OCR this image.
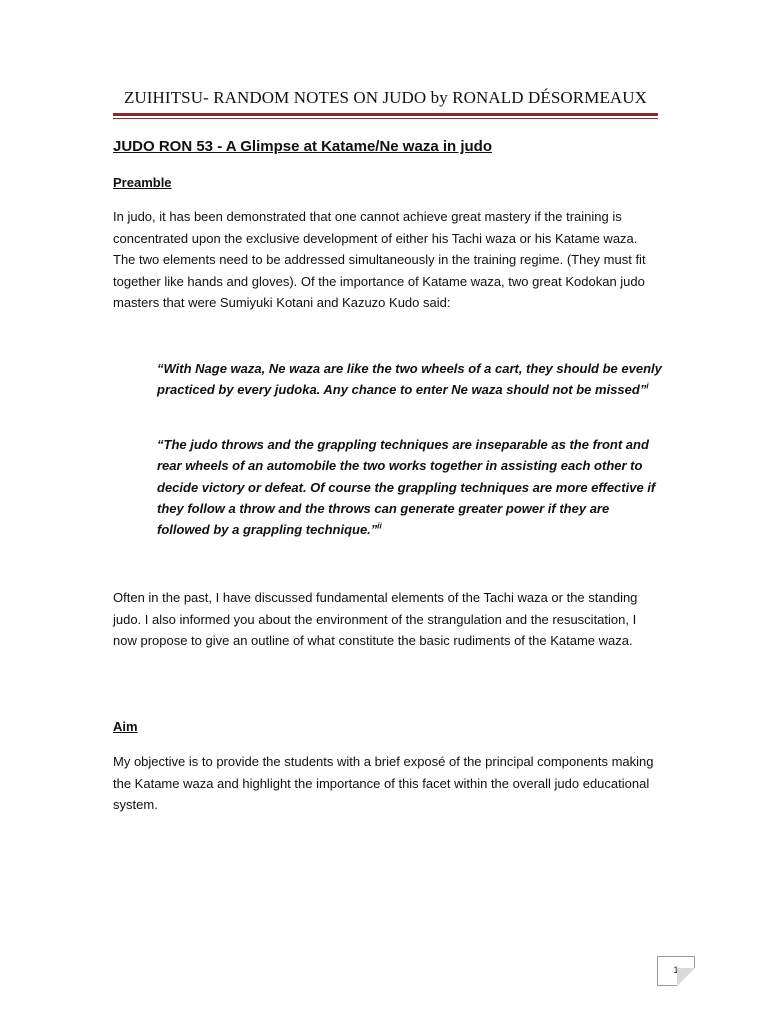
ZUIHITSU- RANDOM NOTES ON JUDO by RONALD DÉSORMEAUX
JUDO RON 53 - A Glimpse at Katame/Ne waza in judo
Preamble
In judo, it has been demonstrated that one cannot achieve great mastery if the training is concentrated upon the exclusive development of either his Tachi waza or his Katame waza. The two elements need to be addressed simultaneously in the training regime. (They must fit together like hands and gloves). Of the importance of Katame waza, two great Kodokan judo masters that were Sumiyuki Kotani and Kazuzo Kudo said:
“With Nage waza, Ne waza are like the two wheels of a cart, they should be evenly practiced by every judoka. Any chance to enter Ne waza should not be missed”$^i$
“The judo throws and the grappling techniques are inseparable as the front and rear wheels of an automobile the two works together in assisting each other to decide victory or defeat. Of course the grappling techniques are more effective if they follow a throw and the throws can generate greater power if they are followed by a grappling technique.”$^{ii}$
Often in the past, I have discussed fundamental elements of the Tachi waza or the standing judo. I also informed you about the environment of the strangulation and the resuscitation, I now propose to give an outline of what constitute the basic rudiments of the Katame waza.
Aim
My objective is to provide the students with a brief exposé of the principal components making the Katame waza and highlight the importance of this facet within the overall judo educational system.
1
